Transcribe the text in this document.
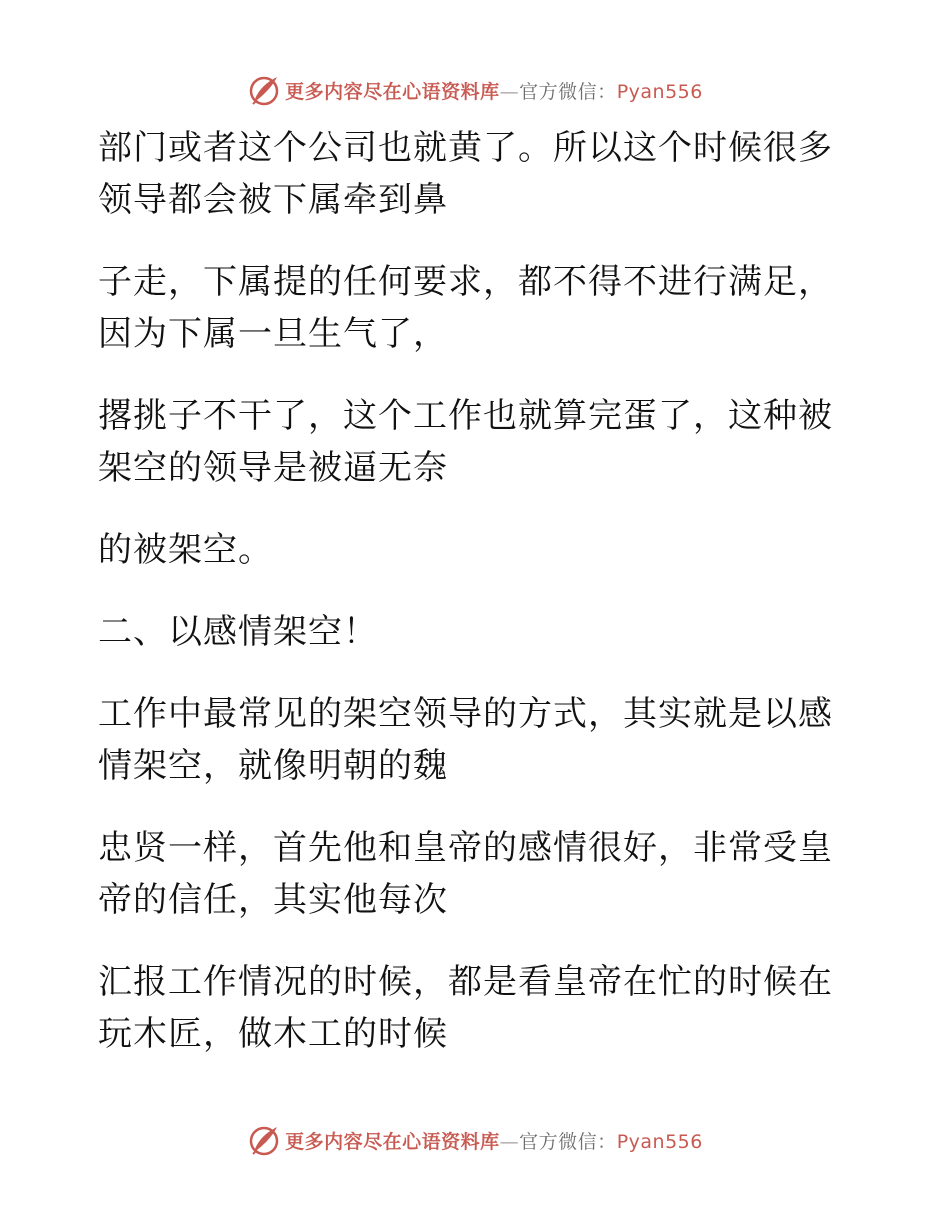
更多内容尽在心语资料库—官方微信：Pyan556

部门或者这个公司也就黄了。所以这个时候很多
领导都会被下属牵到鼻

子走，下属提的任何要求，都不得不进行满足，
因为下属一旦生气了，

撂挑子不干了，这个工作也就算完蛋了，这种被
架空的领导是被逼无奈

的被架空。

二、以感情架空！

工作中最常见的架空领导的方式，其实就是以感
情架空，就像明朝的魏

忠贤一样，首先他和皇帝的感情很好，非常受皇
帝的信任，其实他每次

汇报工作情况的时候，都是看皇帝在忙的时候在
玩木匠，做木工的时候

更多内容尽在心语资料库—官方微信：Pyan556
